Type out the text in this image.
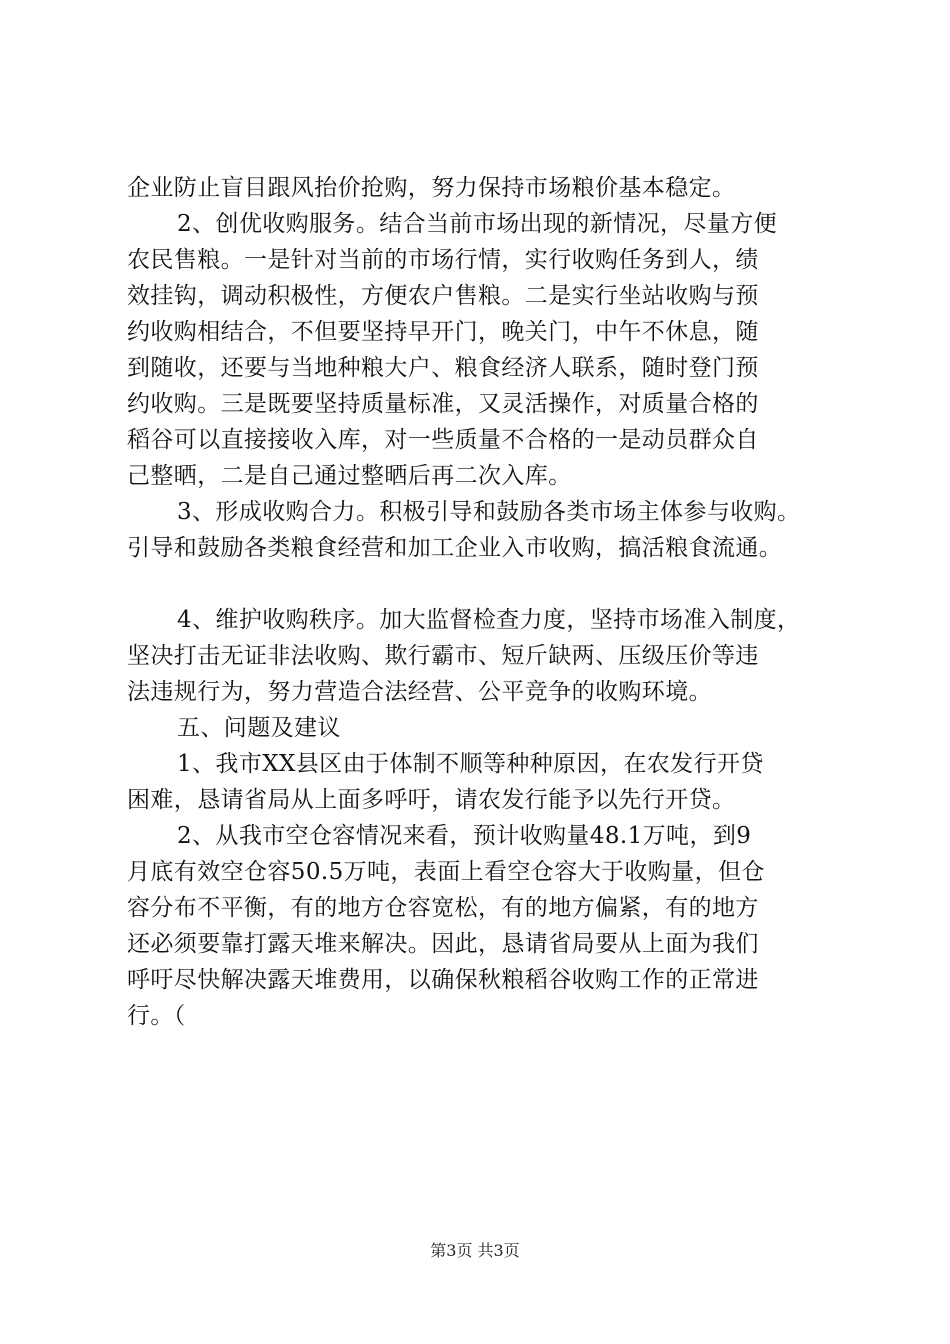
企业防止盲目跟风抬价抢购，努力保持市场粮价基本稳定。
2、创优收购服务。结合当前市场出现的新情况，尽量方便
农民售粮。一是针对当前的市场行情，实行收购任务到人，绩
效挂钩，调动积极性，方便农户售粮。二是实行坐站收购与预
约收购相结合，不但要坚持早开门，晚关门，中午不休息，随
到随收，还要与当地种粮大户、粮食经济人联系，随时登门预
约收购。三是既要坚持质量标准，又灵活操作，对质量合格的
稻谷可以直接接收入库，对一些质量不合格的一是动员群众自
己整晒，二是自己通过整晒后再二次入库。
3、形成收购合力。积极引导和鼓励各类市场主体参与收购。
引导和鼓励各类粮食经营和加工企业入市收购，搞活粮食流通。
4、维护收购秩序。加大监督检查力度，坚持市场准入制度，
坚决打击无证非法收购、欺行霸市、短斤缺两、压级压价等违
法违规行为，努力营造合法经营、公平竞争的收购环境。
五、问题及建议
1、我市XX县区由于体制不顺等种种原因，在农发行开贷
困难，恳请省局从上面多呼吁，请农发行能予以先行开贷。
2、从我市空仓容情况来看，预计收购量48.1万吨，到9
月底有效空仓容50.5万吨，表面上看空仓容大于收购量，但仓
容分布不平衡，有的地方仓容宽松，有的地方偏紧，有的地方
还必须要靠打露天堆来解决。因此，恳请省局要从上面为我们
呼吁尽快解决露天堆费用，以确保秋粮稻谷收购工作的正常进
行。（
第3页 共3页
